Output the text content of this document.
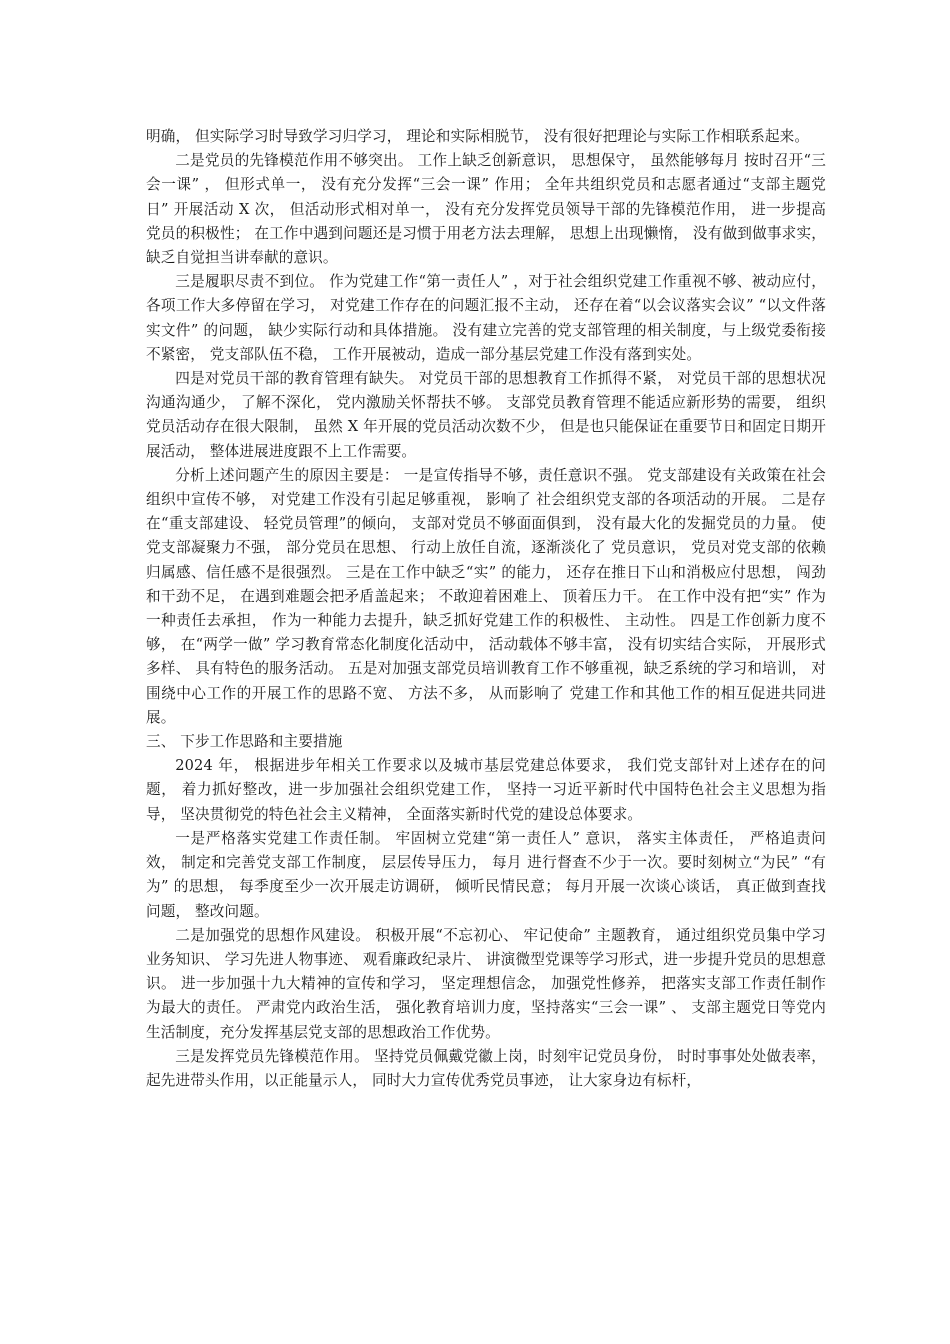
明确， 但实际学习时导致学习归学习， 理论和实际相脱节， 没有很好把理论与实际工作相联系起来。

二是党员的先锋模范作用不够突出。 工作上缺乏创新意识， 思想保守， 虽然能够每月 按时召开“三会一课” ， 但形式单一， 没有充分发挥“三会一课” 作用； 全年共组织党员和志愿者通过“支部主题党日” 开展活动 X 次， 但活动形式相对单一， 没有充分发挥党员领导干部的先锋模范作用， 进一步提高党员的积极性； 在工作中遇到问题还是习惯于用老方法去理解， 思想上出现懒惰， 没有做到做事求实， 缺乏自觉担当讲奉献的意识。

三是履职尽责不到位。 作为党建工作“第一责任人” ，对于社会组织党建工作重视不够、被动应付， 各项工作大多停留在学习， 对党建工作存在的问题汇报不主动， 还存在着“以会议落实会议” “以文件落实文件” 的问题， 缺少实际行动和具体措施。 没有建立完善的党支部管理的相关制度，与上级党委衔接不紧密， 党支部队伍不稳， 工作开展被动，造成一部分基层党建工作没有落到实处。

四是对党员干部的教育管理有缺失。 对党员干部的思想教育工作抓得不紧， 对党员干部的思想状况沟通沟通少， 了解不深化， 党内激励关怀帮扶不够。 支部党员教育管理不能适应新形势的需要， 组织党员活动存在很大限制， 虽然 X 年开展的党员活动次数不少， 但是也只能保证在重要节日和固定日期开展活动， 整体进展进度跟不上工作需要。

分析上述问题产生的原因主要是： 一是宣传指导不够，责任意识不强。 党支部建设有关政策在社会组织中宣传不够， 对党建工作没有引起足够重视， 影响了 社会组织党支部的各项活动的开展。 二是存在“重支部建设、 轻党员管理”的倾向， 支部对党员不够面面俱到， 没有最大化的发掘党员的力量。 使党支部凝聚力不强， 部分党员在思想、 行动上放任自流，逐渐淡化了 党员意识， 党员对党支部的依赖归属感、信任感不是很强烈。 三是在工作中缺乏“实” 的能力， 还存在推日下山和消极应付思想， 闯劲和干劲不足， 在遇到难题会把矛盾盖起来； 不敢迎着困难上、 顶着压力干。 在工作中没有把“实” 作为一种责任去承担， 作为一种能力去提升，缺乏抓好党建工作的积极性、 主动性。 四是工作创新力度不够， 在“两学一做” 学习教育常态化制度化活动中， 活动载体不够丰富， 没有切实结合实际， 开展形式多样、 具有特色的服务活动。 五是对加强支部党员培训教育工作不够重视，缺乏系统的学习和培训， 对围绕中心工作的开展工作的思路不宽、 方法不多， 从而影响了 党建工作和其他工作的相互促进共同进展。

三、 下步工作思路和主要措施

2024 年， 根据进步年相关工作要求以及城市基层党建总体要求， 我们党支部针对上述存在的问题， 着力抓好整改，进一步加强社会组织党建工作， 坚持一习近平新时代中国特色社会主义思想为指导， 坚决贯彻党的特色社会主义精神， 全面落实新时代党的建设总体要求。

一是严格落实党建工作责任制。 牢固树立党建“第一责任人” 意识， 落实主体责任， 严格追责问效， 制定和完善党支部工作制度， 层层传导压力， 每月 进行督查不少于一次。要时刻树立“为民” “有为” 的思想， 每季度至少一次开展走访调研， 倾听民情民意； 每月开展一次谈心谈话， 真正做到查找问题， 整改问题。

二是加强党的思想作风建设。 积极开展“不忘初心、 牢记使命” 主题教育， 通过组织党员集中学习业务知识、 学习先进人物事迹、 观看廉政纪录片、 讲演微型党课等学习形式，进一步提升党员的思想意识。 进一步加强十九大精神的宣传和学习， 坚定理想信念， 加强党性修养， 把落实支部工作责任制作为最大的责任。 严肃党内政治生活， 强化教育培训力度，坚持落实“三会一课” 、 支部主题党日等党内生活制度，充分发挥基层党支部的思想政治工作优势。

三是发挥党员先锋模范作用。 坚持党员佩戴党徽上岗，时刻牢记党员身份， 时时事事处处做表率， 起先进带头作用，以正能量示人， 同时大力宣传优秀党员事迹， 让大家身边有标杆，
